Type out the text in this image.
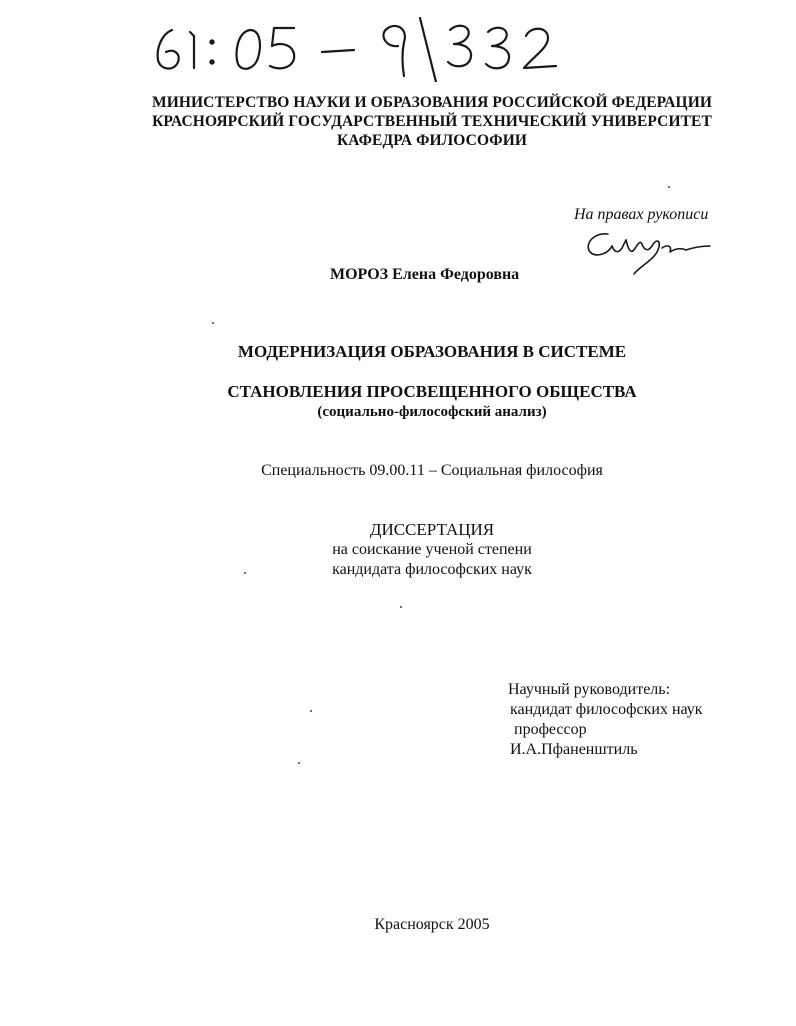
МИНИСТЕРСТВО НАУКИ И ОБРАЗОВАНИЯ РОССИЙСКОЙ ФЕДЕРАЦИИ
КРАСНОЯРСКИЙ ГОСУДАРСТВЕННЫЙ ТЕХНИЧЕСКИЙ УНИВЕРСИТЕТ
КАФЕДРА ФИЛОСОФИИ
На правах рукописи
МОРОЗ Елена Федоровна
МОДЕРНИЗАЦИЯ ОБРАЗОВАНИЯ В СИСТЕМЕ
СТАНОВЛЕНИЯ ПРОСВЕЩЕННОГО ОБЩЕСТВА
(социально-философский анализ)
Специальность 09.00.11 – Социальная философия
ДИССЕРТАЦИЯ
на соискание ученой степени
кандидата философских наук
Научный руководитель:
кандидат философских наук
профессор
И.А.Пфаненштиль
Красноярск 2005
